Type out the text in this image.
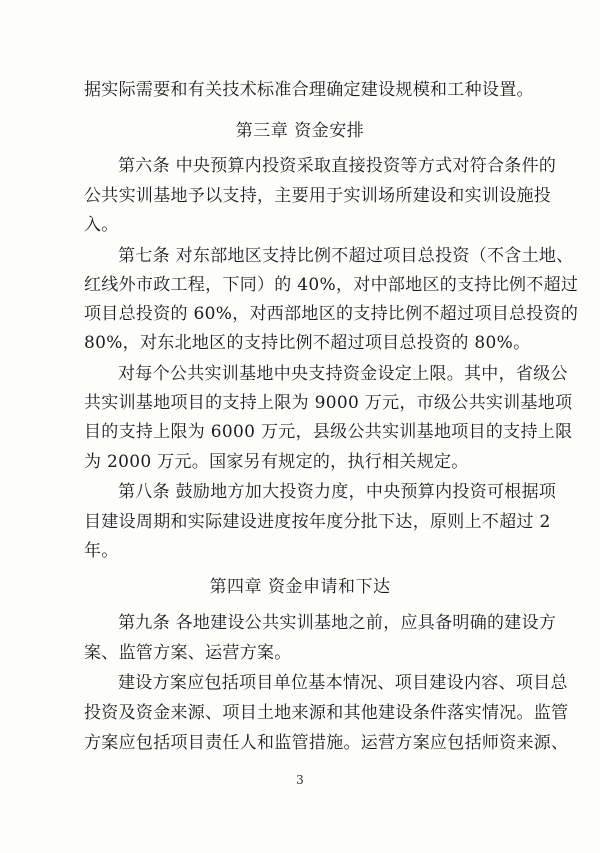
据实际需要和有关技术标准合理确定建设规模和工种设置。
第三章 资金安排
第六条 中央预算内投资采取直接投资等方式对符合条件的
公共实训基地予以支持，主要用于实训场所建设和实训设施投
入。
第七条 对东部地区支持比例不超过项目总投资（不含土地、
红线外市政工程，下同）的 40%，对中部地区的支持比例不超过
项目总投资的 60%，对西部地区的支持比例不超过项目总投资的
80%，对东北地区的支持比例不超过项目总投资的 80%。
对每个公共实训基地中央支持资金设定上限。其中，省级公
共实训基地项目的支持上限为 9000 万元，市级公共实训基地项
目的支持上限为 6000 万元，县级公共实训基地项目的支持上限
为 2000 万元。国家另有规定的，执行相关规定。
第八条 鼓励地方加大投资力度，中央预算内投资可根据项
目建设周期和实际建设进度按年度分批下达，原则上不超过 2
年。
第四章 资金申请和下达
第九条 各地建设公共实训基地之前，应具备明确的建设方
案、监管方案、运营方案。
建设方案应包括项目单位基本情况、项目建设内容、项目总
投资及资金来源、项目土地来源和其他建设条件落实情况。监管
方案应包括项目责任人和监管措施。运营方案应包括师资来源、
3
